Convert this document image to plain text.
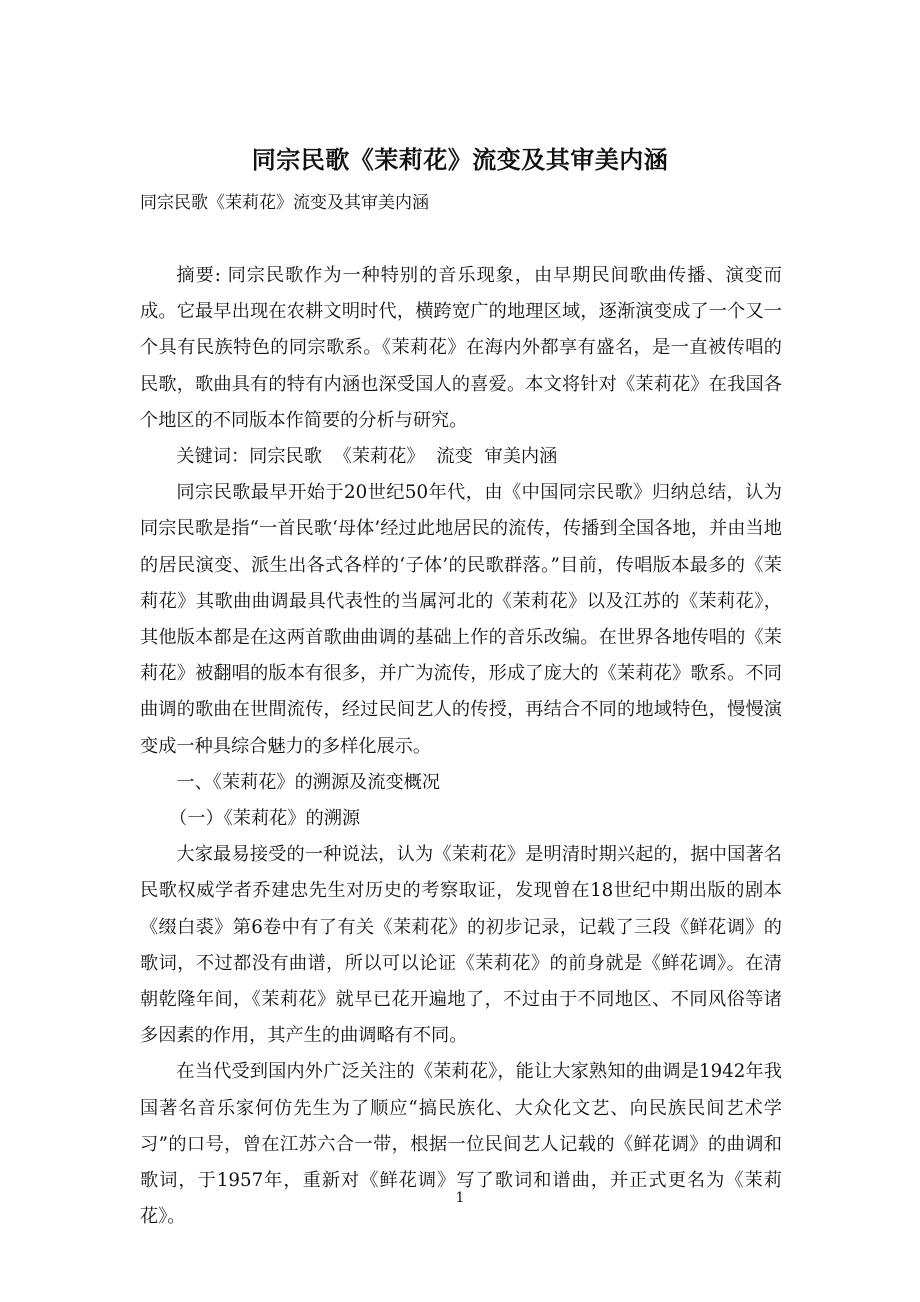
同宗民歌《茉莉花》流变及其审美内涵
同宗民歌《茉莉花》流变及其审美内涵

摘要: 同宗民歌作为一种特别的音乐现象，由早期民间歌曲传播、演变而成。它最早出现在农耕文明时代，横跨宽广的地理区域，逐渐演变成了一个又一个具有民族特色的同宗歌系。《茉莉花》在海内外都享有盛名，是一直被传唱的民歌，歌曲具有的特有内涵也深受国人的喜爱。本文将针对《茉莉花》在我国各个地区的不同版本作简要的分析与研究。

关键词：同宗民歌 《茉莉花》 流变 审美内涵

同宗民歌最早开始于20世纪50年代，由《中国同宗民歌》归纳总结，认为同宗民歌是指“一首民歌‘母体’经过此地居民的流传，传播到全国各地，并由当地的居民演变、派生出各式各样的‘子体’的民歌群落。”目前，传唱版本最多的《茉莉花》其歌曲曲调最具代表性的当属河北的《茉莉花》以及江苏的《茉莉花》，其他版本都是在这两首歌曲曲调的基础上作的音乐改编。在世界各地传唱的《茉莉花》被翻唱的版本有很多，并广为流传，形成了庞大的《茉莉花》歌系。不同曲调的歌曲在世間流传，经过民间艺人的传授，再结合不同的地域特色，慢慢演变成一种具综合魅力的多样化展示。

一、《茉莉花》的溯源及流变概况

（一）《茉莉花》的溯源

大家最易接受的一种说法，认为《茉莉花》是明清时期兴起的，据中国著名民歌权威学者乔建忠先生对历史的考察取证，发现曾在18世纪中期出版的剧本《缀白裘》第6卷中有了有关《茉莉花》的初步记录，记载了三段《鲜花调》的歌词，不过都没有曲谱，所以可以论证《茉莉花》的前身就是《鲜花调》。在清朝乾隆年间，《茉莉花》就早已花开遍地了，不过由于不同地区、不同风俗等诸多因素的作用，其产生的曲调略有不同。

在当代受到国内外广泛关注的《茉莉花》，能让大家熟知的曲调是1942年我国著名音乐家何仿先生为了顺应“搞民族化、大众化文艺、向民族民间艺术学习”的口号，曾在江苏六合一带，根据一位民间艺人记载的《鲜花调》的曲调和歌词，于1957年，重新对《鲜花调》写了歌词和谱曲，并正式更名为《茉莉花》。

1
